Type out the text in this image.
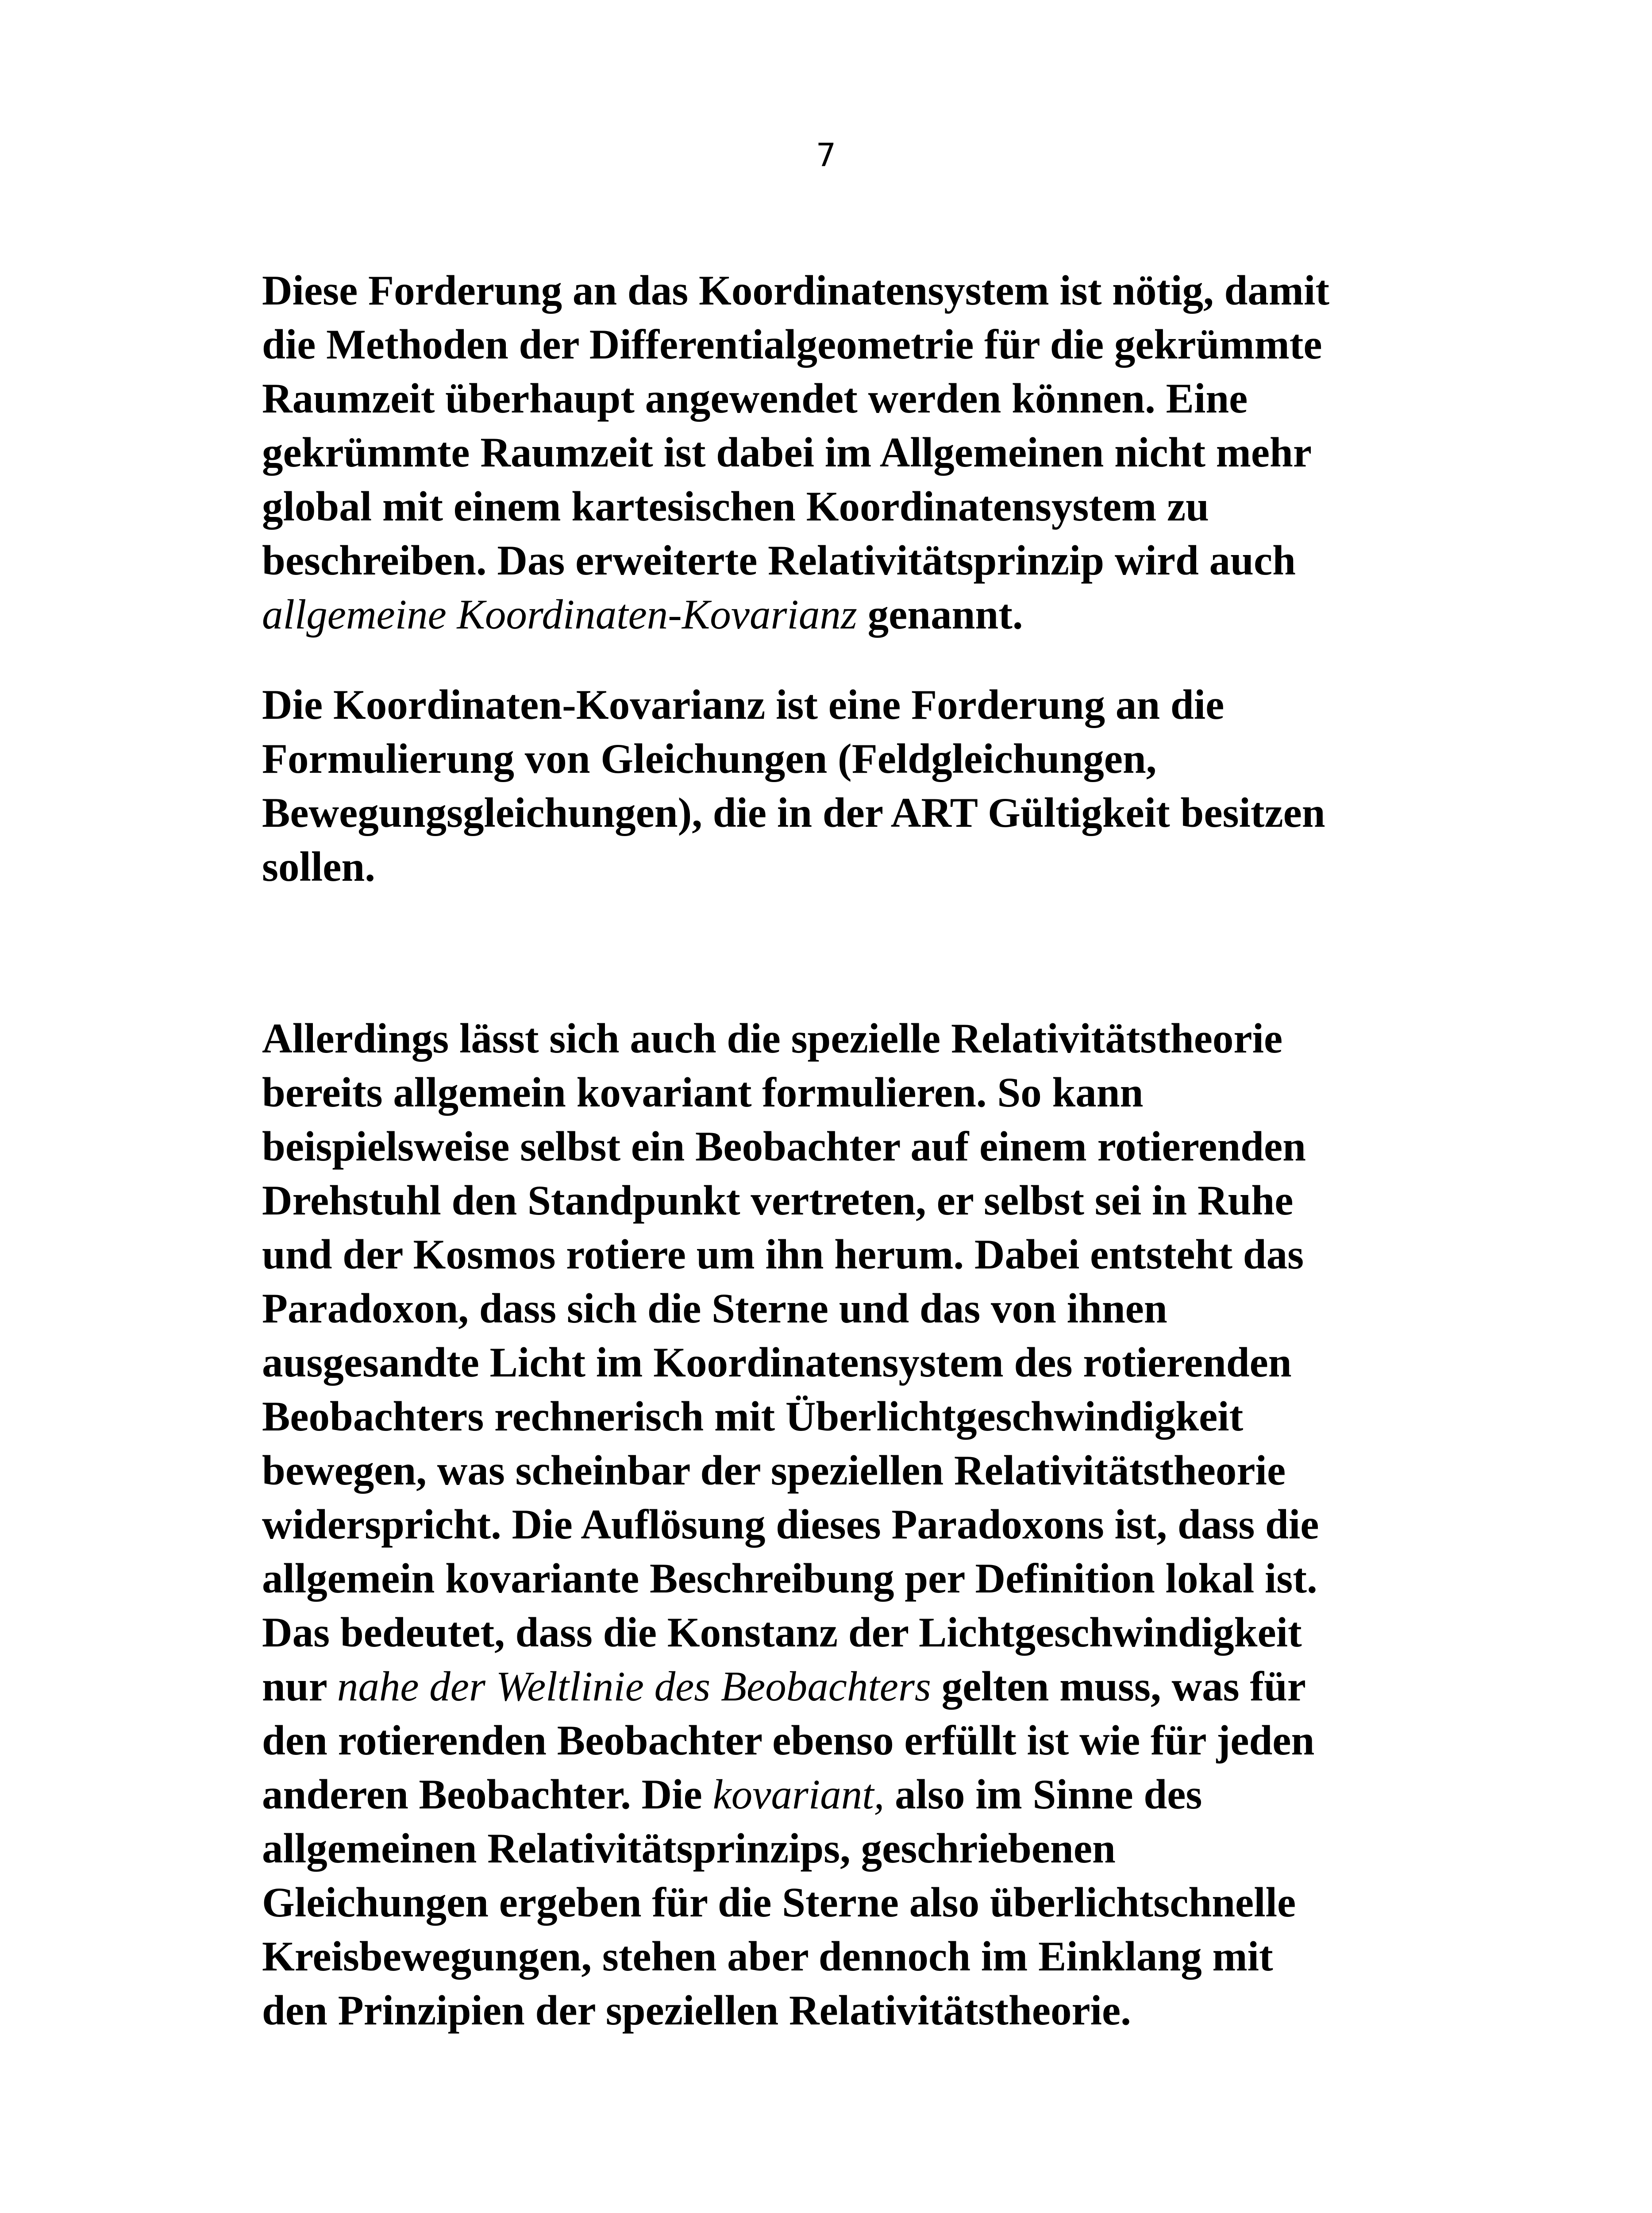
7
Diese Forderung an das Koordinatensystem ist nötig, damit
die Methoden der Differentialgeometrie für die gekrümmte
Raumzeit überhaupt angewendet werden können. Eine
gekrümmte Raumzeit ist dabei im Allgemeinen nicht mehr
global mit einem kartesischen Koordinatensystem zu
beschreiben. Das erweiterte Relativitätsprinzip wird auch
allgemeine Koordinaten-Kovarianz genannt.
Die Koordinaten-Kovarianz ist eine Forderung an die
Formulierung von Gleichungen (Feldgleichungen,
Bewegungsgleichungen), die in der ART Gültigkeit besitzen
sollen.
Allerdings lässt sich auch die spezielle Relativitätstheorie
bereits allgemein kovariant formulieren. So kann
beispielsweise selbst ein Beobachter auf einem rotierenden
Drehstuhl den Standpunkt vertreten, er selbst sei in Ruhe
und der Kosmos rotiere um ihn herum. Dabei entsteht das
Paradoxon, dass sich die Sterne und das von ihnen
ausgesandte Licht im Koordinatensystem des rotierenden
Beobachters rechnerisch mit Überlichtgeschwindigkeit
bewegen, was scheinbar der speziellen Relativitätstheorie
widerspricht. Die Auflösung dieses Paradoxons ist, dass die
allgemein kovariante Beschreibung per Definition lokal ist.
Das bedeutet, dass die Konstanz der Lichtgeschwindigkeit
nur nahe der Weltlinie des Beobachters gelten muss, was für
den rotierenden Beobachter ebenso erfüllt ist wie für jeden
anderen Beobachter. Die kovariant, also im Sinne des
allgemeinen Relativitätsprinzips, geschriebenen
Gleichungen ergeben für die Sterne also überlichtschnelle
Kreisbewegungen, stehen aber dennoch im Einklang mit
den Prinzipien der speziellen Relativitätstheorie.
